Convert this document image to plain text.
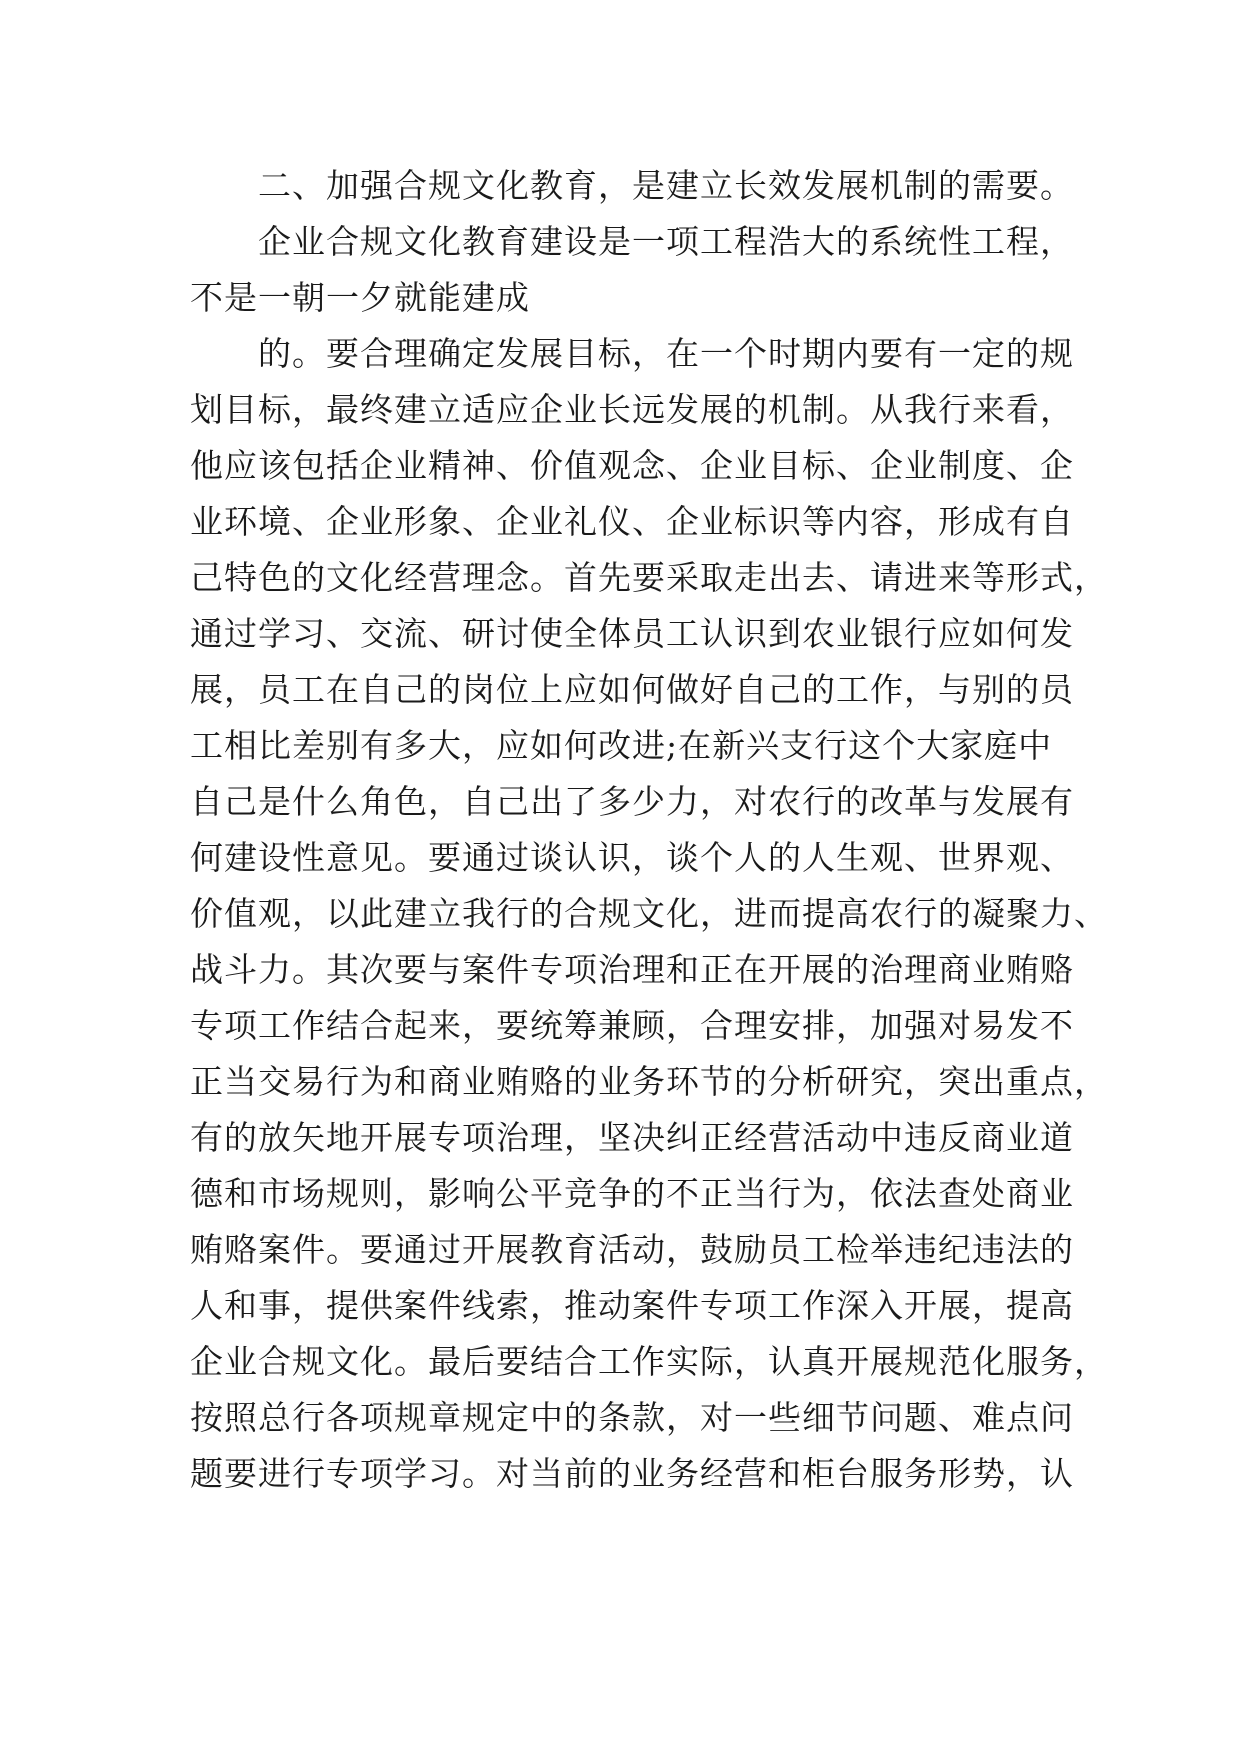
二、加强合规文化教育，是建立长效发展机制的需要。
企业合规文化教育建设是一项工程浩大的系统性工程，
不是一朝一夕就能建成
的。要合理确定发展目标，在一个时期内要有一定的规
划目标，最终建立适应企业长远发展的机制。从我行来看，
他应该包括企业精神、价值观念、企业目标、企业制度、企
业环境、企业形象、企业礼仪、企业标识等内容，形成有自
己特色的文化经营理念。首先要采取走出去、请进来等形式，
通过学习、交流、研讨使全体员工认识到农业银行应如何发
展，员工在自己的岗位上应如何做好自己的工作，与别的员
工相比差别有多大，应如何改进;在新兴支行这个大家庭中
自己是什么角色，自己出了多少力，对农行的改革与发展有
何建设性意见。要通过谈认识，谈个人的人生观、世界观、
价值观，以此建立我行的合规文化，进而提高农行的凝聚力、
战斗力。其次要与案件专项治理和正在开展的治理商业贿赂
专项工作结合起来，要统筹兼顾，合理安排，加强对易发不
正当交易行为和商业贿赂的业务环节的分析研究，突出重点，
有的放矢地开展专项治理，坚决纠正经营活动中违反商业道
德和市场规则，影响公平竞争的不正当行为，依法查处商业
贿赂案件。要通过开展教育活动，鼓励员工检举违纪违法的
人和事，提供案件线索，推动案件专项工作深入开展，提高
企业合规文化。最后要结合工作实际，认真开展规范化服务，
按照总行各项规章规定中的条款，对一些细节问题、难点问
题要进行专项学习。对当前的业务经营和柜台服务形势，认
